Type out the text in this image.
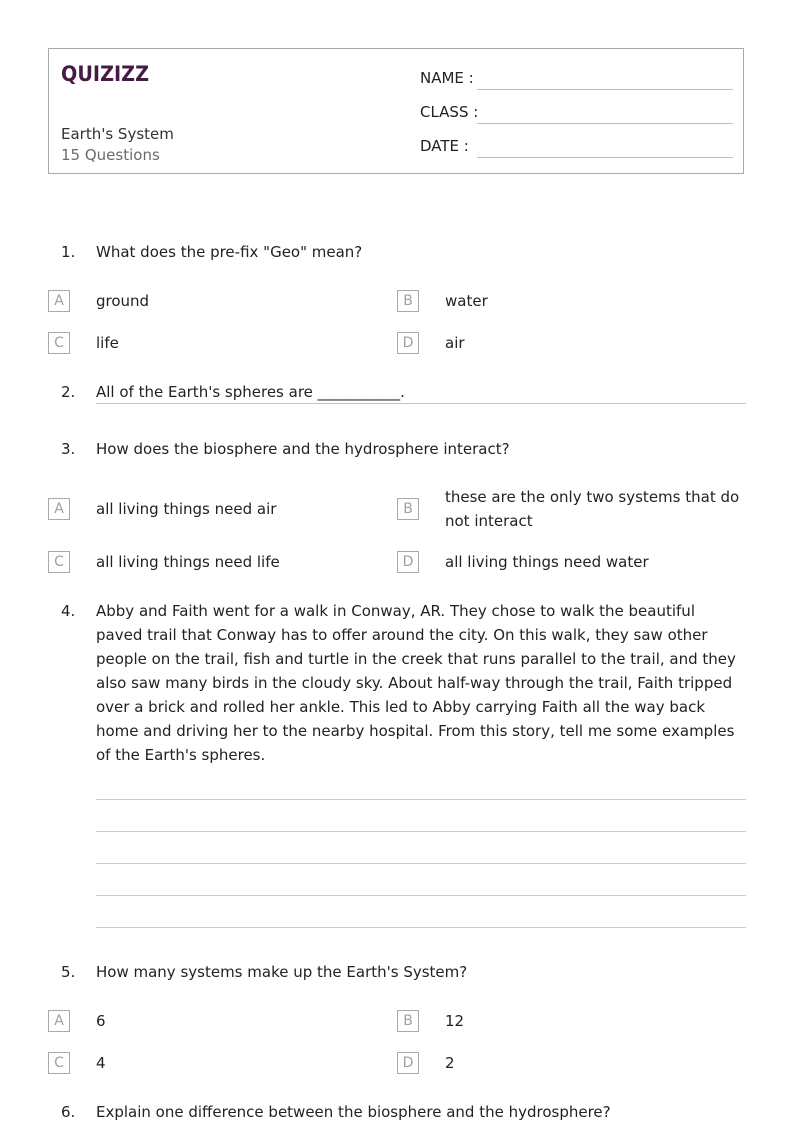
QUIZIZZ
Earth's System
15 Questions
NAME :
CLASS :
DATE :
1. What does the pre-fix "Geo" mean?
A	ground	B	water
C	life	D	air
2. All of the Earth's spheres are ___________.
3. How does the biosphere and the hydrosphere interact?
A	all living things need air	B
these are the only two systems that do not interact
C	all living things need life	D	all living things need water
4. Abby and Faith went for a walk in Conway, AR. They chose to walk the beautiful paved trail that Conway has to offer around the city. On this walk, they saw other people on the trail, fish and turtle in the creek that runs parallel to the trail, and they also saw many birds in the cloudy sky. About half-way through the trail, Faith tripped over a brick and rolled her ankle. This led to Abby carrying Faith all the way back home and driving her to the nearby hospital. From this story, tell me some examples of the Earth's spheres.
5. How many systems make up the Earth's System?
A	6	B	12
C	4	D	2
6. Explain one difference between the biosphere and the hydrosphere?
